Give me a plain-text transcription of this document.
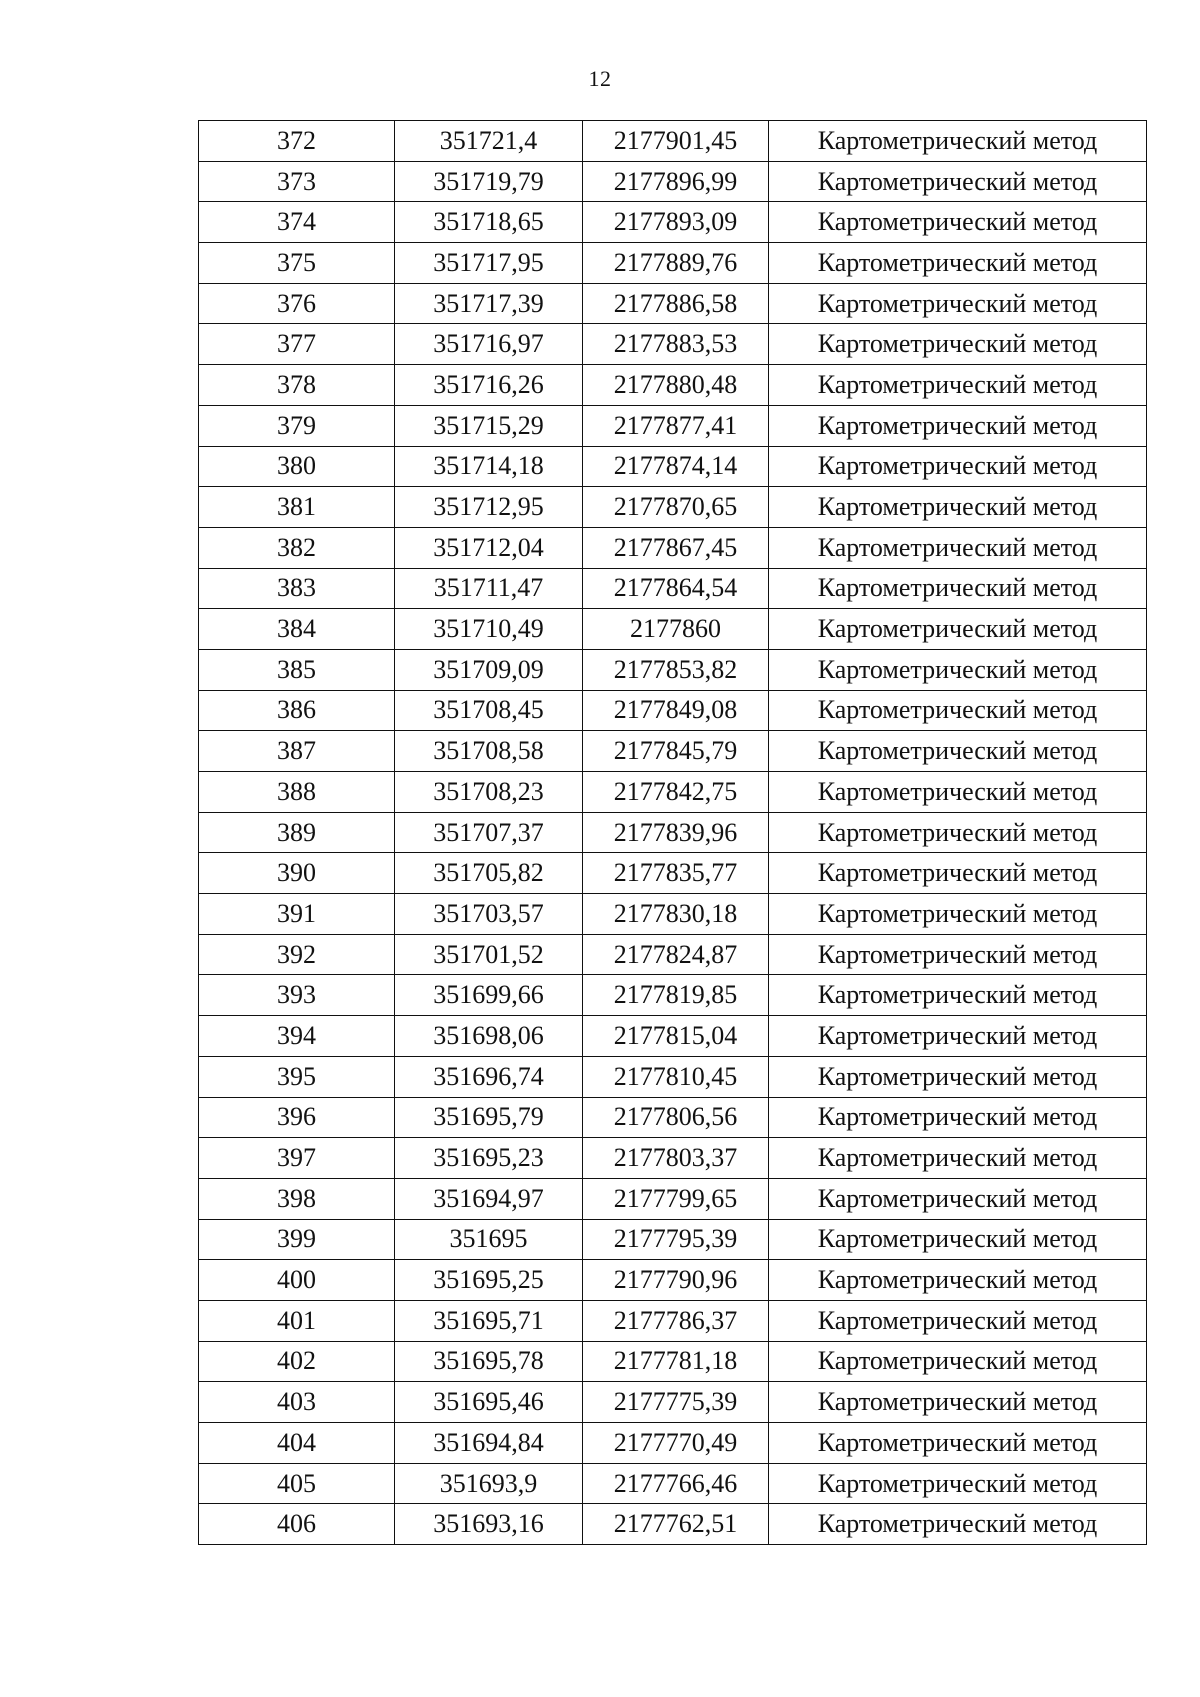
12
372	351721,4	2177901,45	Картометрический метод
373	351719,79	2177896,99	Картометрический метод
374	351718,65	2177893,09	Картометрический метод
375	351717,95	2177889,76	Картометрический метод
376	351717,39	2177886,58	Картометрический метод
377	351716,97	2177883,53	Картометрический метод
378	351716,26	2177880,48	Картометрический метод
379	351715,29	2177877,41	Картометрический метод
380	351714,18	2177874,14	Картометрический метод
381	351712,95	2177870,65	Картометрический метод
382	351712,04	2177867,45	Картометрический метод
383	351711,47	2177864,54	Картометрический метод
384	351710,49	2177860	Картометрический метод
385	351709,09	2177853,82	Картометрический метод
386	351708,45	2177849,08	Картометрический метод
387	351708,58	2177845,79	Картометрический метод
388	351708,23	2177842,75	Картометрический метод
389	351707,37	2177839,96	Картометрический метод
390	351705,82	2177835,77	Картометрический метод
391	351703,57	2177830,18	Картометрический метод
392	351701,52	2177824,87	Картометрический метод
393	351699,66	2177819,85	Картометрический метод
394	351698,06	2177815,04	Картометрический метод
395	351696,74	2177810,45	Картометрический метод
396	351695,79	2177806,56	Картометрический метод
397	351695,23	2177803,37	Картометрический метод
398	351694,97	2177799,65	Картометрический метод
399	351695	2177795,39	Картометрический метод
400	351695,25	2177790,96	Картометрический метод
401	351695,71	2177786,37	Картометрический метод
402	351695,78	2177781,18	Картометрический метод
403	351695,46	2177775,39	Картометрический метод
404	351694,84	2177770,49	Картометрический метод
405	351693,9	2177766,46	Картометрический метод
406	351693,16	2177762,51	Картометрический метод
